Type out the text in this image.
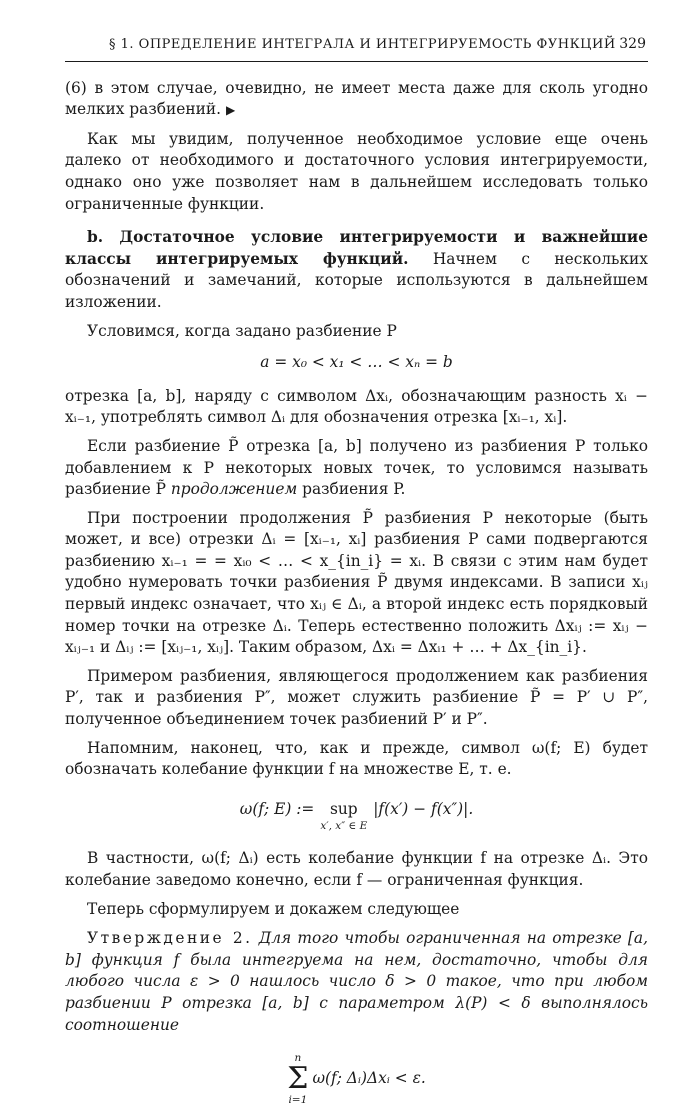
§ 1. ОПРЕДЕЛЕНИЕ ИНТЕГРАЛА И ИНТЕГРИРУЕМОСТЬ ФУНКЦИЙ 329

(6) в этом случае, очевидно, не имеет места даже для сколь угодно мелких разбиений. ▶

Как мы увидим, полученное необходимое условие еще очень далеко от необходимого и достаточного условия интегрируемости, однако оно уже позволяет нам в дальнейшем исследовать только ограниченные функции.

b. Достаточное условие интегрируемости и важнейшие классы интегрируемых функций. Начнем с нескольких обозначений и замечаний, которые используются в дальнейшем изложении.

Условимся, когда задано разбиение P

a = x₀ < x₁ < … < xₙ = b

отрезка [a, b], наряду с символом Δxᵢ, обозначающим разность xᵢ − xᵢ₋₁, употреблять символ Δᵢ для обозначения отрезка [xᵢ₋₁, xᵢ].

Если разбиение P̃ отрезка [a, b] получено из разбиения P только добавлением к P некоторых новых точек, то условимся называть разбиение P̃ продолжением разбиения P.

При построении продолжения P̃ разбиения P некоторые (быть может, и все) отрезки Δᵢ = [xᵢ₋₁, xᵢ] разбиения P сами подвергаются разбиению xᵢ₋₁ = = xᵢ₀ < … < x_{in_i} = xᵢ. В связи с этим нам будет удобно нумеровать точки разбиения P̃ двумя индексами. В записи xᵢⱼ первый индекс означает, что xᵢⱼ ∈ Δᵢ, а второй индекс есть порядковый номер точки на отрезке Δᵢ. Теперь естественно положить Δxᵢⱼ := xᵢⱼ − xᵢⱼ₋₁ и Δᵢⱼ := [xᵢⱼ₋₁, xᵢⱼ]. Таким образом, Δxᵢ = Δxᵢ₁ + … + Δx_{in_i}.

Примером разбиения, являющегося продолжением как разбиения P′, так и разбиения P″, может служить разбиение P̃ = P′ ∪ P″, полученное объединением точек разбиений P′ и P″.

Напомним, наконец, что, как и прежде, символ ω(f; E) будет обозначать колебание функции f на множестве E, т. е.

ω(f; E) := sup
x′, x″ ∈ E
|f(x′) − f(x″)|.

В частности, ω(f; Δᵢ) есть колебание функции f на отрезке Δᵢ. Это колебание заведомо конечно, если f — ограниченная функция.

Теперь сформулируем и докажем следующее

Утверждение 2. Для того чтобы ограниченная на отрезке [a, b] функция f была интегруема на нем, достаточно, чтобы для любого числа ε > 0 нашлось число δ > 0 такое, что при любом разбиении P отрезка [a, b] с параметром λ(P) < δ выполнялось соотношение

n
Σ
i=1
ω(f; Δᵢ)Δxᵢ < ε.
